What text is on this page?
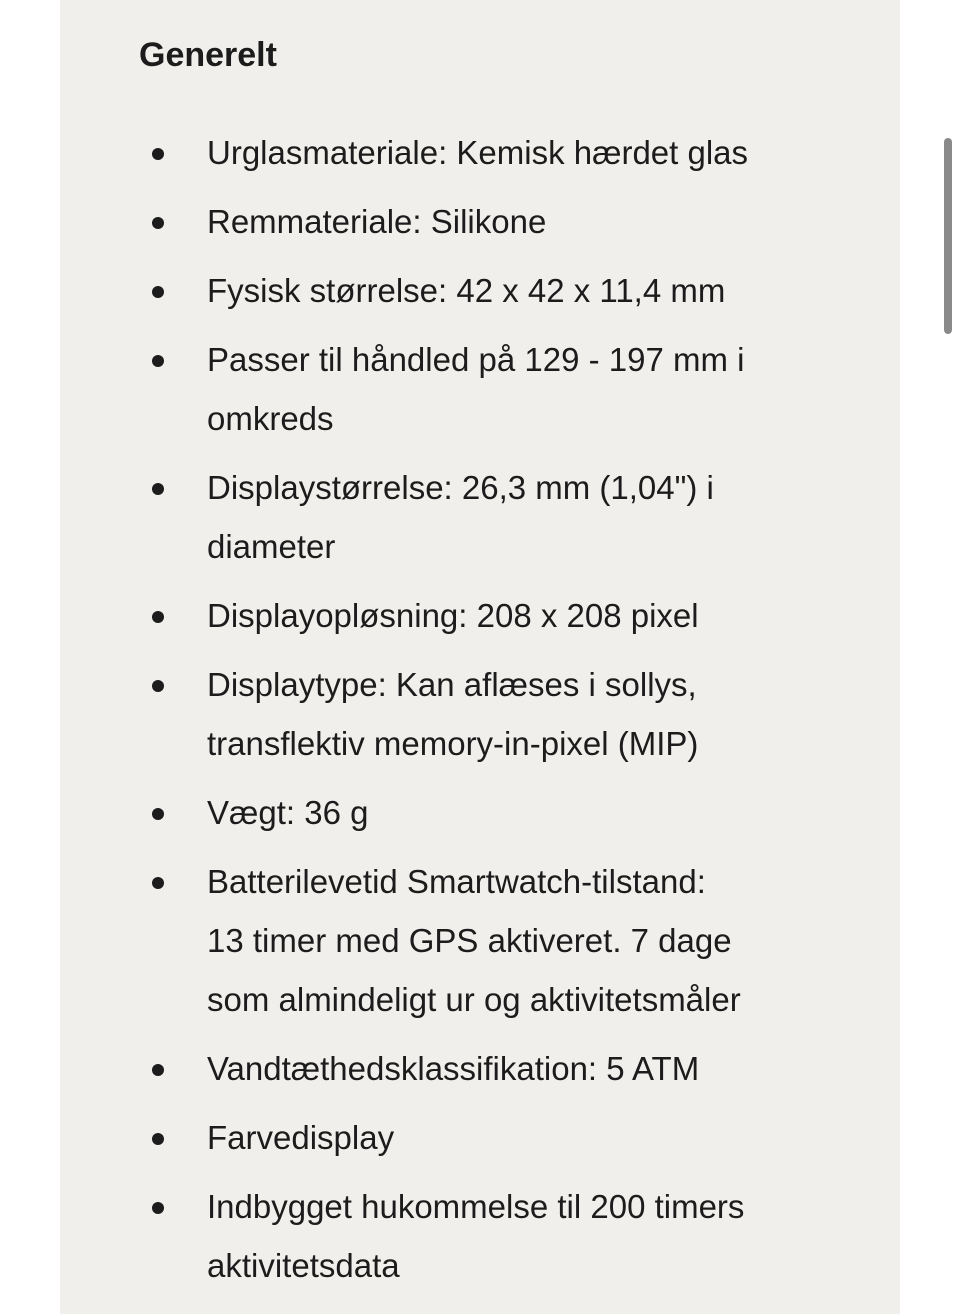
Generelt
Urglasmateriale: Kemisk hærdet glas
Remmateriale: Silikone
Fysisk størrelse: 42 x 42 x 11,4 mm
Passer til håndled på 129 - 197 mm i
omkreds
Displaystørrelse: 26,3 mm (1,04") i
diameter
Displayopløsning: 208 x 208 pixel
Displaytype: Kan aflæses i sollys,
transflektiv memory-in-pixel (MIP)
Vægt: 36 g
Batterilevetid Smartwatch-tilstand:
13 timer med GPS aktiveret. 7 dage
som almindeligt ur og aktivitetsmåler
Vandtæthedsklassifikation: 5 ATM
Farvedisplay
Indbygget hukommelse til 200 timers
aktivitetsdata
